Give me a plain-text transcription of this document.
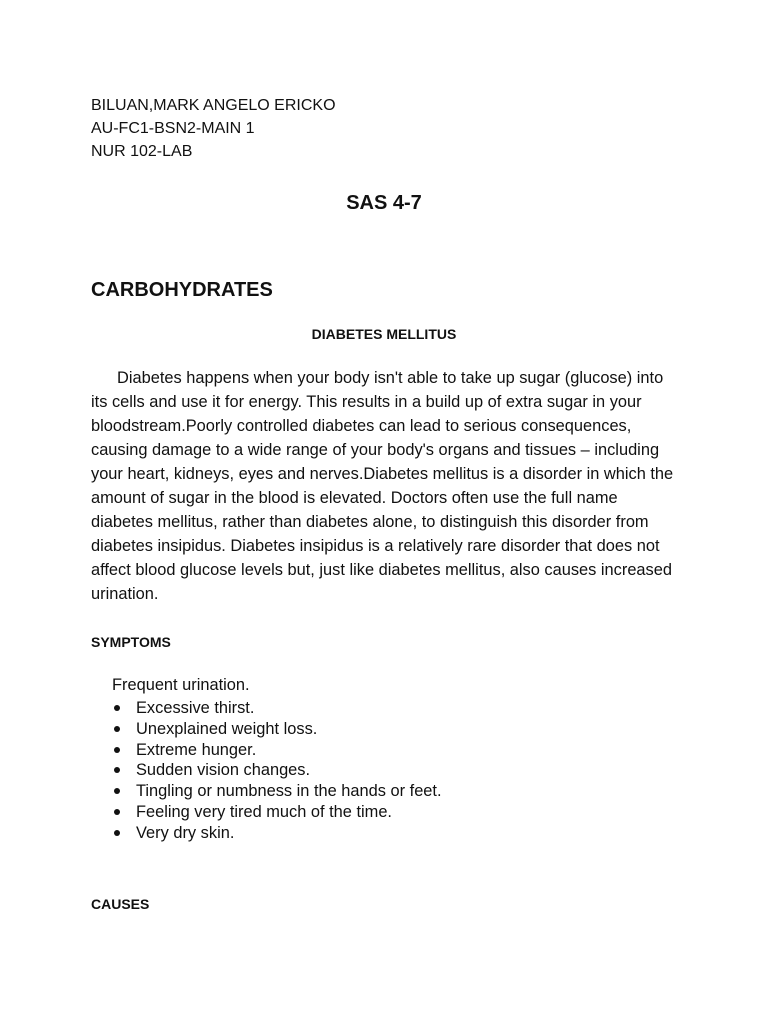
BILUAN,MARK ANGELO ERICKO
AU-FC1-BSN2-MAIN 1
NUR 102-LAB
SAS 4-7
CARBOHYDRATES
DIABETES MELLITUS

Diabetes happens when your body isn't able to take up sugar (glucose) into its cells and use it for energy. This results in a build up of extra sugar in your bloodstream.Poorly controlled diabetes can lead to serious consequences, causing damage to a wide range of your body's organs and tissues – including your heart, kidneys, eyes and nerves.Diabetes mellitus is a disorder in which the amount of sugar in the blood is elevated. Doctors often use the full name diabetes mellitus, rather than diabetes alone, to distinguish this disorder from diabetes insipidus. Diabetes insipidus is a relatively rare disorder that does not affect blood glucose levels but, just like diabetes mellitus, also causes increased urination.

SYMPTOMS
Frequent urination.
Excessive thirst.
Unexplained weight loss.
Extreme hunger.
Sudden vision changes.
Tingling or numbness in the hands or feet.
Feeling very tired much of the time.
Very dry skin.
CAUSES
